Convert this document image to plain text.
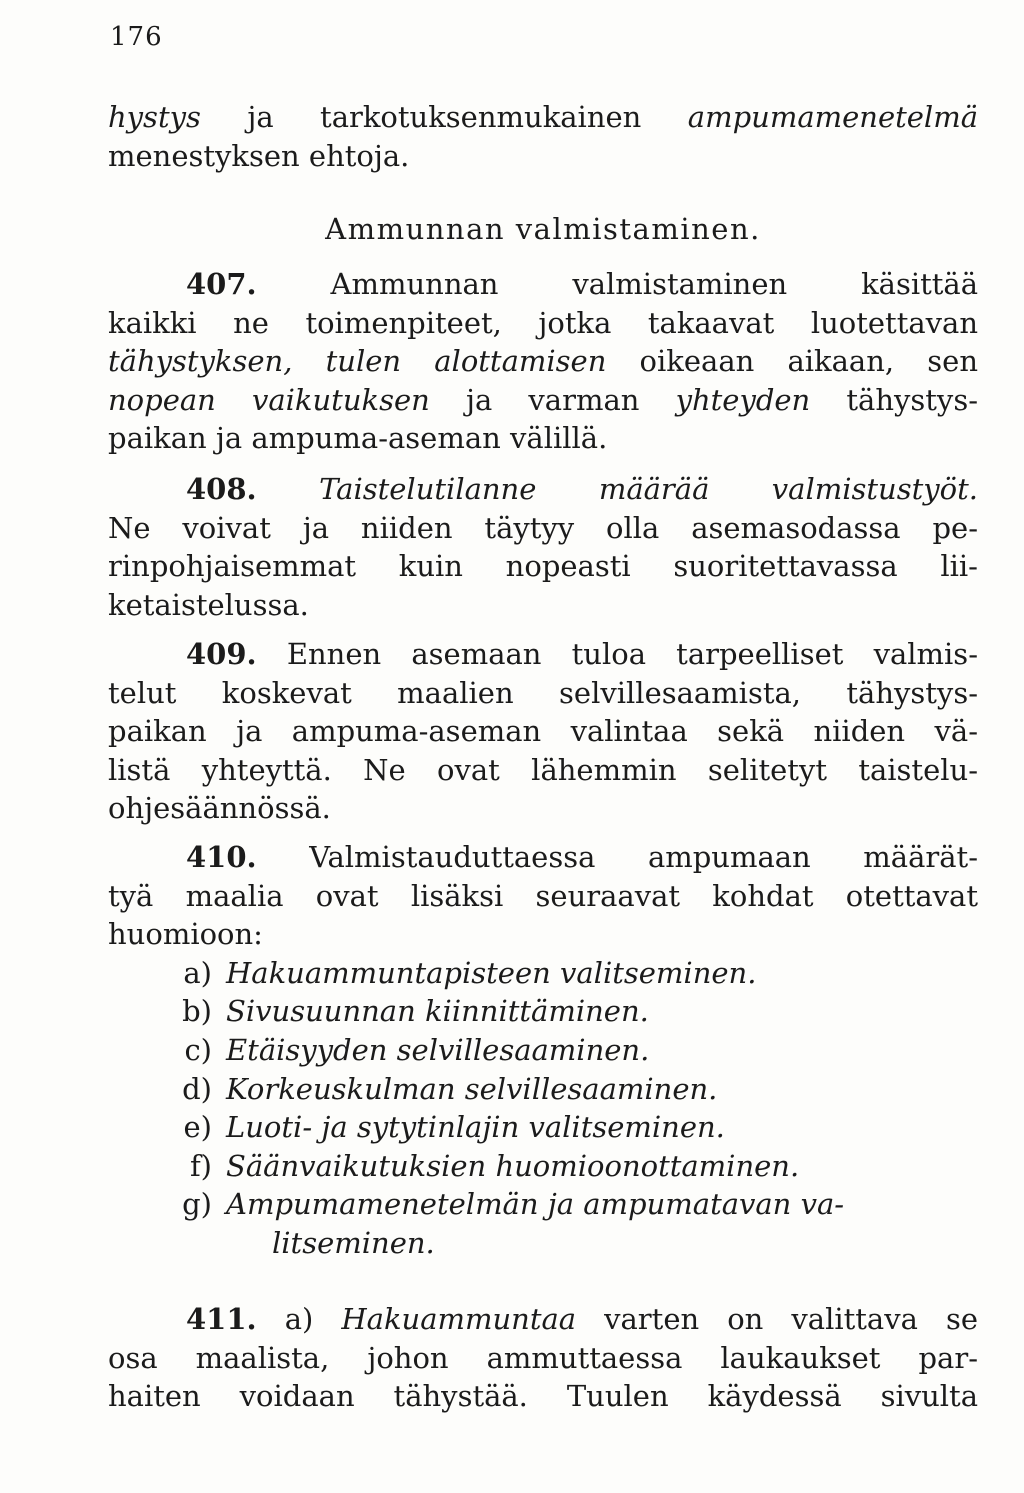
176
hystys ja tarkotuksenmukainen ampumamenetelmä
menestyksen ehtoja.
Ammunnan valmistaminen.
407. Ammunnan valmistaminen käsittää
kaikki ne toimenpiteet, jotka takaavat luotettavan
tähystyksen, tulen alottamisen oikeaan aikaan, sen
nopean vaikutuksen ja varman yhteyden tähystys-
paikan ja ampuma-aseman välillä.
408. Taistelutilanne määrää valmistustyöt.
Ne voivat ja niiden täytyy olla asemasodassa pe-
rinpohjaisemmat kuin nopeasti suoritettavassa lii-
ketaistelussa.
409. Ennen asemaan tuloa tarpeelliset valmis-
telut koskevat maalien selvillesaamista, tähystys-
paikan ja ampuma-aseman valintaa sekä niiden vä-
listä yhteyttä. Ne ovat lähemmin selitetyt taistelu-
ohjesäännössä.
410. Valmistauduttaessa ampumaan määrät-
tyä maalia ovat lisäksi seuraavat kohdat otettavat
huomioon:
a) Hakuammuntapisteen valitseminen.
b) Sivusuunnan kiinnittäminen.
c) Etäisyyden selvillesaaminen.
d) Korkeuskulman selvillesaaminen.
e) Luoti- ja sytytinlajin valitseminen.
f) Säänvaikutuksien huomioonottaminen.
g) Ampumamenetelmän ja ampumatavan va-
litseminen.
411. a) Hakuammuntaa varten on valittava se
osa maalista, johon ammuttaessa laukaukset par-
haiten voidaan tähystää. Tuulen käydessä sivulta
